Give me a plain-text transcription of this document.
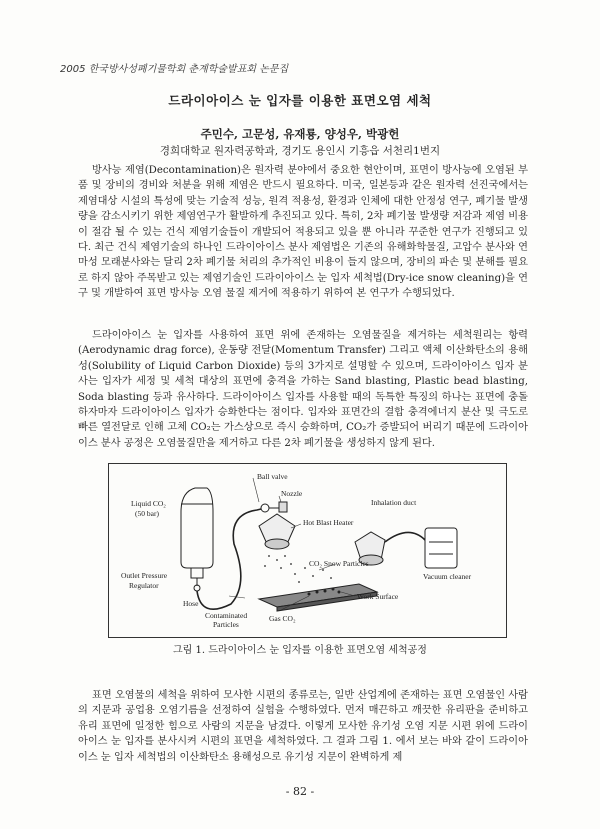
2005 한국방사성폐기물학회 춘계학술발표회 논문집
드라이아이스 눈 입자를 이용한 표면오염 세척
주민수, 고문성, 유재룡, 양성우, 박광헌
경희대학교 원자력공학과, 경기도 용인시 기흥읍 서천리1번지
방사능 제염(Decontamination)은 원자력 분야에서 중요한 현안이며, 표면이 방사능에 오염된 부품 및 장비의 경비와 처분을 위해 제염은 반드시 필요하다. 미국, 일본등과 같은 원자력 선진국에서는 제염대상 시설의 특성에 맞는 기술적 성능, 원격 적용성, 환경과 인체에 대한 안정성 연구, 폐기물 발생량을 감소시키기 위한 제염연구가 활발하게 추진되고 있다. 특히, 2차 폐기물 발생량 저감과 제염 비용이 절감 될 수 있는 건식 제염기술들이 개발되어 적용되고 있을 뿐 아니라 꾸준한 연구가 진행되고 있다. 최근 건식 제염기술의 하나인 드라이아이스 분사 제염법은 기존의 유해화학물질, 고압수 분사와 연마성 모래분사와는 달리 2차 폐기물 처리의 추가적인 비용이 들지 않으며, 장비의 파손 및 분해를 필요로 하지 않아 주목받고 있는 제염기술인 드라이아이스 눈 입자 세척법(Dry-ice snow cleaning)을 연구 및 개발하여 표면 방사능 오염 물질 제거에 적용하기 위하여 본 연구가 수행되었다.
드라이아이스 눈 입자를 사용하여 표면 위에 존재하는 오염물질을 제거하는 세척원리는 항력(Aerodynamic drag force), 운동량 전달(Momentum Transfer) 그리고 액체 이산화탄소의 용해성(Solubility of Liquid Carbon Dioxide) 등의 3가지로 설명할 수 있으며, 드라이아이스 입자 분사는 입자가 세정 및 세척 대상의 표면에 충격을 가하는 Sand blasting, Plastic bead blasting, Soda blasting 등과 유사하다. 드라이아이스 입자를 사용할 때의 독특한 특징의 하나는 표면에 충돌하자마자 드라이아이스 입자가 승화한다는 점이다. 입자와 표면간의 결합 충격에너지 분산 및 극도로 빠른 열전달로 인해 고체 CO₂는 가스상으로 즉시 승화하며, CO₂가 증발되어 버리기 때문에 드라이아이스 분사 공정은 오염물질만을 제거하고 다른 2차 폐기물을 생성하지 않게 된다.
Ball valve
Nozzle
Liquid CO₂
(50 bar)
Hot Blast Heater
Inhalation duct
CO₂ Snow Particles
Vacuum cleaner
Outlet Pressure
Regulator
Hose
Work Surface
Contaminated
Particles
Gas CO₂
그림 1. 드라이아이스 눈 입자를 이용한 표면오염 세척공정
표면 오염물의 세척을 위하여 모사한 시편의 종류로는, 일반 산업계에 존재하는 표면 오염물인 사람의 지문과 공업용 오염기름을 선정하여 실험을 수행하였다. 먼저 매끈하고 깨끗한 유리판을 준비하고 유리 표면에 일정한 힘으로 사람의 지문을 남겼다. 이렇게 모사한 유기성 오염 지문 시편 위에 드라이아이스 눈 입자를 분사시켜 시편의 표면을 세척하였다. 그 결과 그림 1. 에서 보는 바와 같이 드라이아이스 눈 입자 세척법의 이산화탄소 용해성으로 유기성 지문이 완벽하게 제
- 82 -
